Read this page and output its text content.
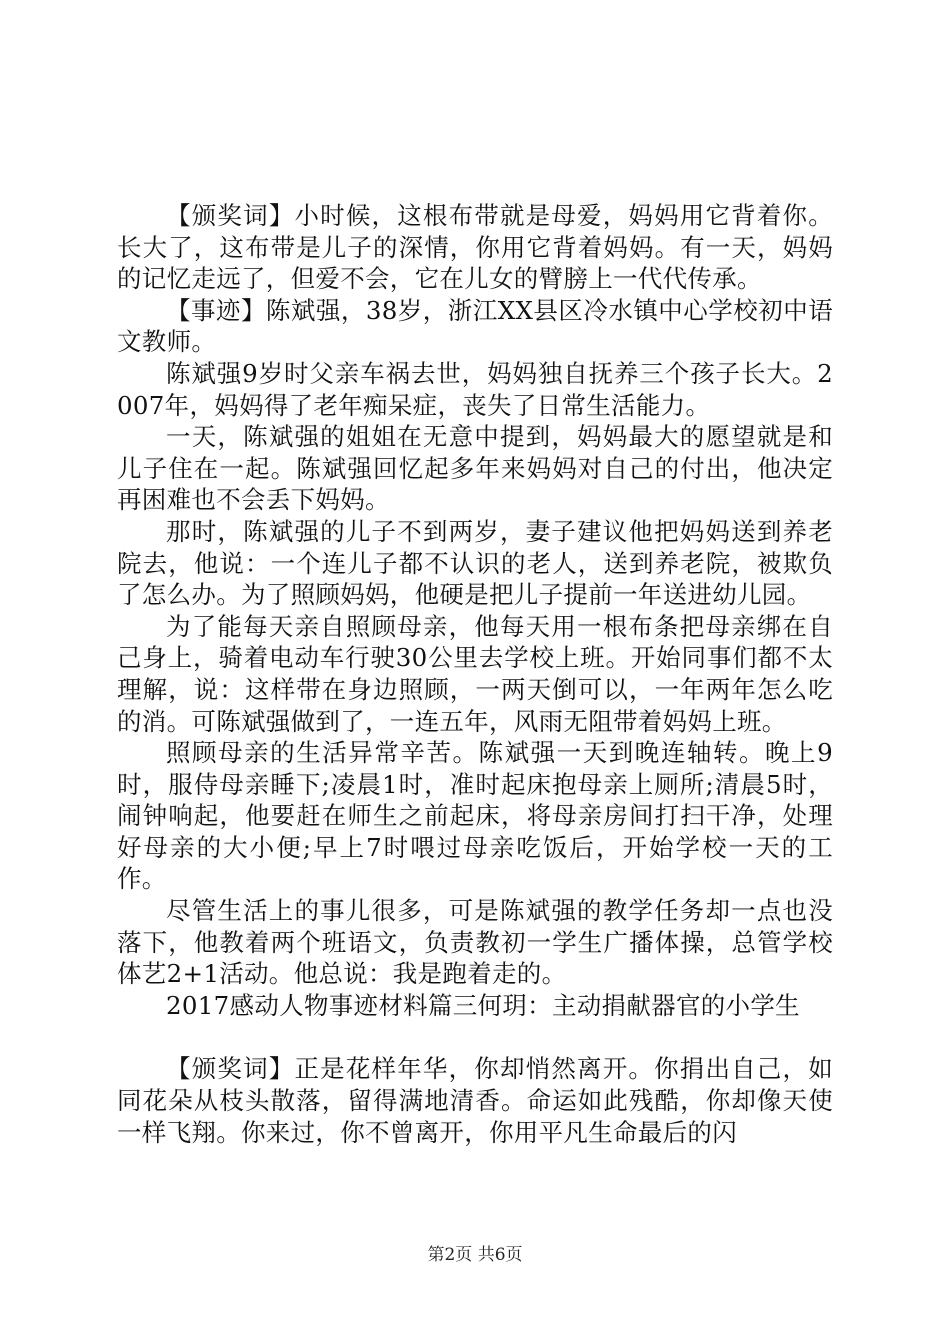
【颁奖词】小时候，这根布带就是母爱，妈妈用它背着你。长大了，这布带是儿子的深情，你用它背着妈妈。有一天，妈妈的记忆走远了，但爱不会，它在儿女的臂膀上一代代传承。

【事迹】陈斌强，38岁，浙江XX县区冷水镇中心学校初中语文教师。

陈斌强9岁时父亲车祸去世，妈妈独自抚养三个孩子长大。2007年，妈妈得了老年痴呆症，丧失了日常生活能力。

一天，陈斌强的姐姐在无意中提到，妈妈最大的愿望就是和儿子住在一起。陈斌强回忆起多年来妈妈对自己的付出，他决定再困难也不会丢下妈妈。

那时，陈斌强的儿子不到两岁，妻子建议他把妈妈送到养老院去，他说：一个连儿子都不认识的老人，送到养老院，被欺负了怎么办。为了照顾妈妈，他硬是把儿子提前一年送进幼儿园。

为了能每天亲自照顾母亲，他每天用一根布条把母亲绑在自己身上，骑着电动车行驶30公里去学校上班。开始同事们都不太理解，说：这样带在身边照顾，一两天倒可以，一年两年怎么吃的消。可陈斌强做到了，一连五年，风雨无阻带着妈妈上班。

照顾母亲的生活异常辛苦。陈斌强一天到晚连轴转。晚上9时，服侍母亲睡下;凌晨1时，准时起床抱母亲上厕所;清晨5时，闹钟响起，他要赶在师生之前起床，将母亲房间打扫干净，处理好母亲的大小便;早上7时喂过母亲吃饭后，开始学校一天的工作。

尽管生活上的事儿很多，可是陈斌强的教学任务却一点也没落下，他教着两个班语文，负责教初一学生广播体操，总管学校体艺2+1活动。他总说：我是跑着走的。

2017感动人物事迹材料篇三何玥：主动捐献器官的小学生

【颁奖词】正是花样年华，你却悄然离开。你捐出自己，如同花朵从枝头散落，留得满地清香。命运如此残酷，你却像天使一样飞翔。你来过，你不曾离开，你用平凡生命最后的闪

第2页 共6页
